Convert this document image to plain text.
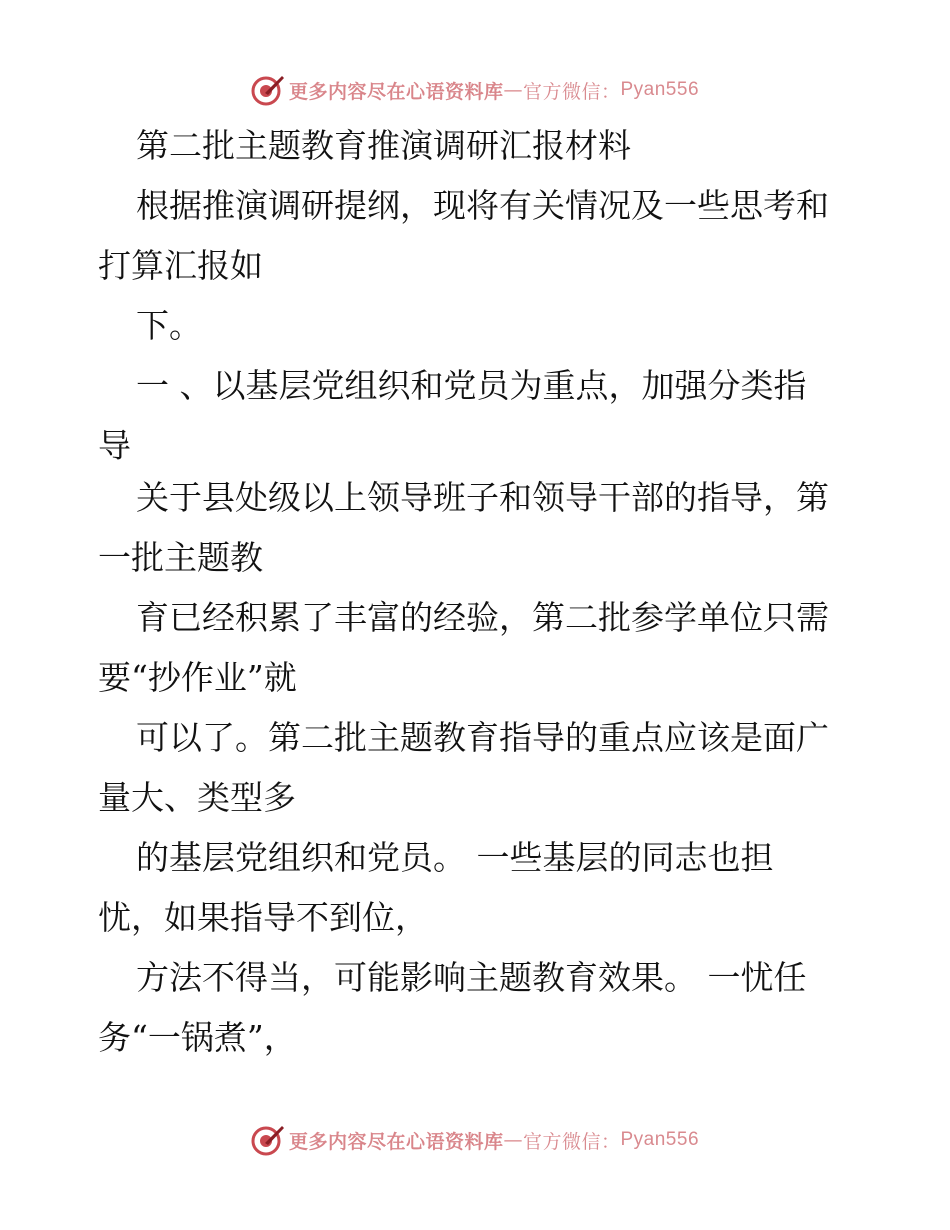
更多内容尽在心语资料库 — 官方微信： Pyan556
第二批主题教育推演调研汇报材料
根据推演调研提纲，现将有关情况及一些思考和
打算汇报如
下。
一 、以基层党组织和党员为重点，加强分类指
导
关于县处级以上领导班子和领导干部的指导，第
一批主题教
育已经积累了丰富的经验，第二批参学单位只需
要“抄作业”就
可以了。第二批主题教育指导的重点应该是面广
量大、类型多
的基层党组织和党员。 一些基层的同志也担
忧，如果指导不到位，
方法不得当，可能影响主题教育效果。 一忧任
务“一锅煮”，
更多内容尽在心语资料库 — 官方微信： Pyan556
